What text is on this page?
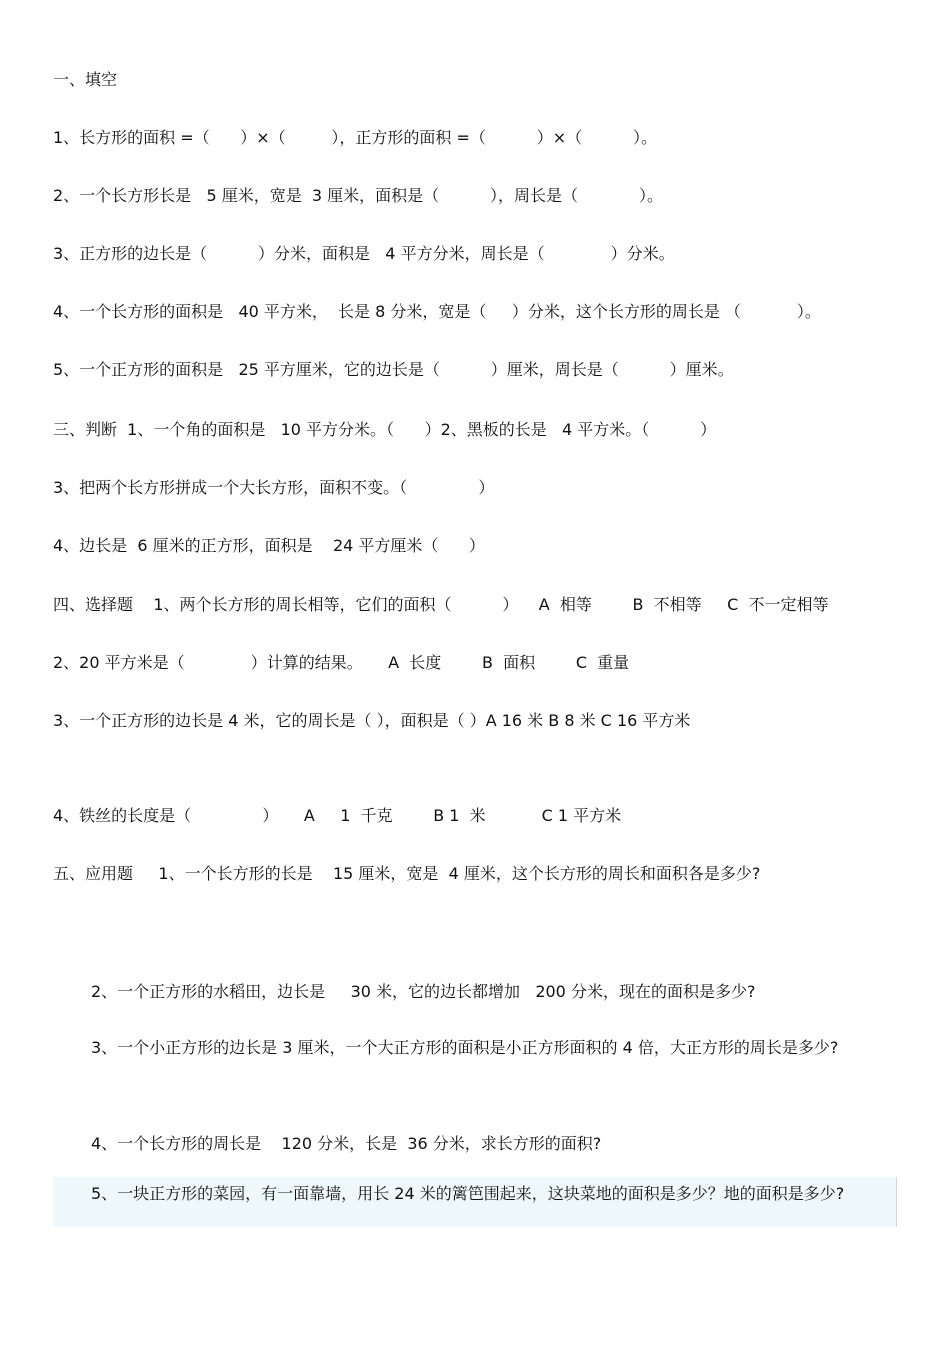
一、填空
1、长方形的面积 =（      ）×（         ），正方形的面积 =（          ）×（          ）。
2、一个长方形长是   5 厘米，宽是  3 厘米，面积是（          ），周长是（            ）。
3、正方形的边长是（          ）分米，面积是   4 平方分米，周长是（             ）分米。
4、一个长方形的面积是   40 平方米，  长是 8 分米，宽是（     ）分米，这个长方形的周长是 （           ）。
5、一个正方形的面积是   25 平方厘米，它的边长是（          ）厘米，周长是（          ）厘米。
三、判断  1、一个角的面积是   10 平方分米。（      ）2、黑板的长是   4 平方米。（          ）
3、把两个长方形拼成一个大长方形，面积不变。（              ）
4、边长是  6 厘米的正方形，面积是    24 平方厘米（      ）
四、选择题    1、两个长方形的周长相等，它们的面积（          ）    A  相等        B  不相等     C  不一定相等
2、20 平方米是（             ）计算的结果。     A  长度        B  面积        C  重量
3、一个正方形的边长是 4 米，它的周长是（ ），面积是（ ）A 16 米 B 8 米 C 16 平方米
4、铁丝的长度是（              ）     A     1  千克        B 1  米           C 1 平方米
五、应用题     1、一个长方形的长是    15 厘米，宽是  4 厘米，这个长方形的周长和面积各是多少?
2、一个正方形的水稻田，边长是     30 米，它的边长都增加   200 分米，现在的面积是多少?
3、一个小正方形的边长是 3 厘米，一个大正方形的面积是小正方形面积的 4 倍，大正方形的周长是多少?
4、一个长方形的周长是    120 分米，长是  36 分米，求长方形的面积?
5、一块正方形的菜园，有一面靠墙，用长 24 米的篱笆围起来，这块菜地的面积是多少？地的面积是多少?
